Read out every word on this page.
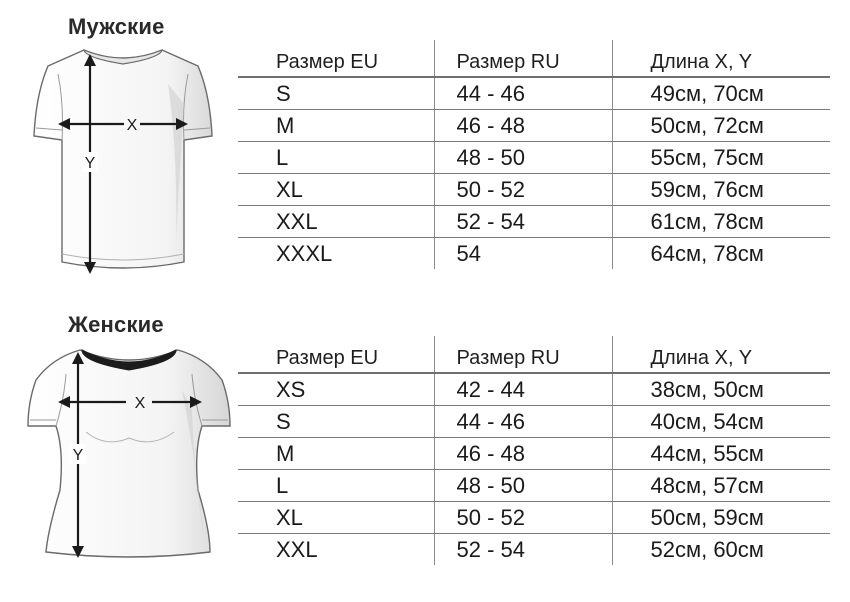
Мужские
X
Y
Размер EU	Размер RU	Длина X, Y
S	44 - 46	49см, 70см
M	46 - 48	50см, 72см
L	48 - 50	55см, 75см
XL	50 - 52	59см, 76см
XXL	52 - 54	61см, 78см
XXXL	54	64см, 78см
Женские
X
Y
Размер EU	Размер RU	Длина X, Y
XS	42 - 44	38см, 50см
S	44 - 46	40см, 54см
M	46 - 48	44см, 55см
L	48 - 50	48см, 57см
XL	50 - 52	50см, 59см
XXL	52 - 54	52см, 60см
